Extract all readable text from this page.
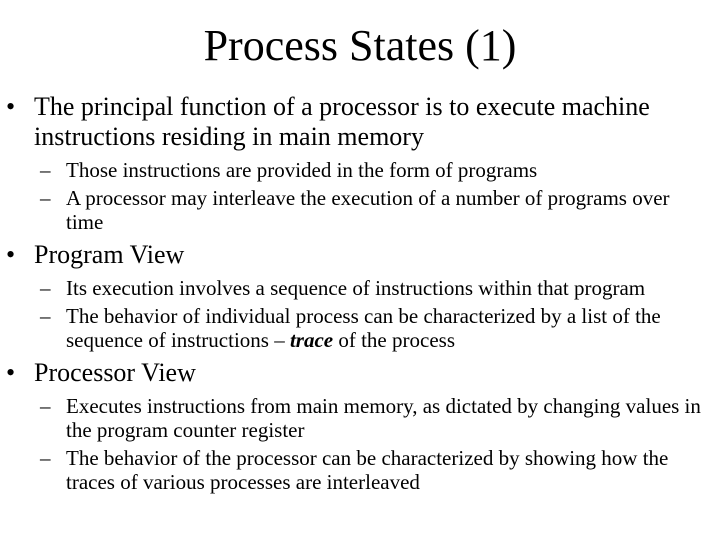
Process States (1)
• The principal function of a processor is to execute machine instructions residing in main memory
– Those instructions are provided in the form of programs
– A processor may interleave the execution of a number of programs over time
• Program View
– Its execution involves a sequence of instructions within that program
– The behavior of individual process can be characterized by a list of the sequence of instructions – trace of the process
• Processor View
– Executes instructions from main memory, as dictated by changing values in the program counter register
– The behavior of the processor can be characterized by showing how the traces of various processes are interleaved
